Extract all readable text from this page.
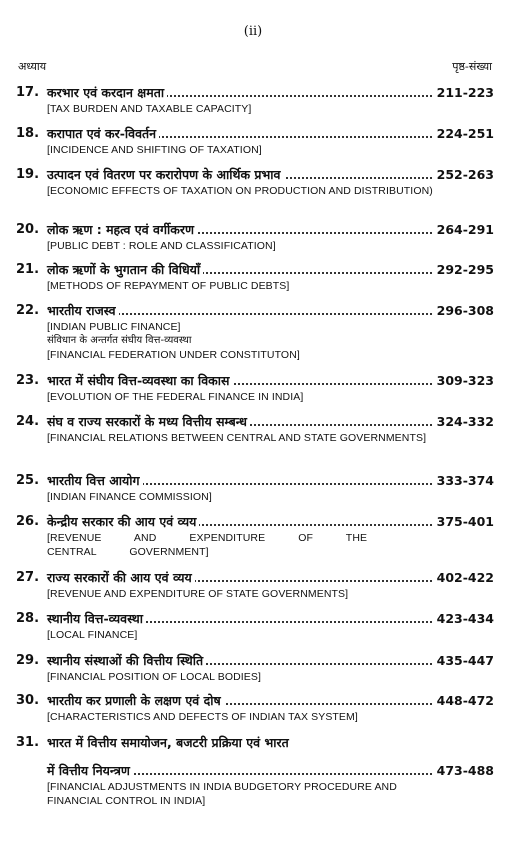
(ii)
अध्याय	पृष्ठ-संख्या
17. करभार एवं करदान क्षमता	211-223
[TAX BURDEN AND TAXABLE CAPACITY]
18. करापात एवं कर-विवर्तन	224-251
[INCIDENCE AND SHIFTING OF TAXATION]
19. उत्पादन एवं वितरण पर करारोपण के आर्थिक प्रभाव	252-263
[ECONOMIC EFFECTS OF TAXATION ON PRODUCTION AND DISTRIBUTION)
20. लोक ऋण : महत्व एवं वर्गीकरण	264-291
[PUBLIC DEBT : ROLE AND CLASSIFICATION]
21. लोक ऋणों के भुगतान की विधियाँ	292-295
[METHODS OF REPAYMENT OF PUBLIC DEBTS]
22. भारतीय राजस्व	296-308
[INDIAN PUBLIC FINANCE]
संविधान के अन्तर्गत संघीय वित्त-व्यवस्था
[FINANCIAL FEDERATION UNDER CONSTITUTON]
23. भारत में संघीय वित्त-व्यवस्था का विकास	309-323
[EVOLUTION OF THE FEDERAL FINANCE IN INDIA]
24. संघ व राज्य सरकारों के मध्य वित्तीय सम्बन्ध	324-332
[FINANCIAL RELATIONS BETWEEN CENTRAL AND STATE GOVERNMENTS]
25. भारतीय वित्त आयोग	333-374
[INDIAN FINANCE COMMISSION]
26. केन्द्रीय सरकार की आय एवं व्यय	375-401
[REVENUE AND EXPENDITURE OF THE CENTRAL GOVERNMENT]
27. राज्य सरकारों की आय एवं व्यय	402-422
[REVENUE AND EXPENDITURE OF STATE GOVERNMENTS]
28. स्थानीय वित्त-व्यवस्था	423-434
[LOCAL FINANCE]
29. स्थानीय संस्थाओं की वित्तीय स्थिति	435-447
[FINANCIAL POSITION OF LOCAL BODIES]
30. भारतीय कर प्रणाली के लक्षण एवं दोष	448-472
[CHARACTERISTICS AND DEFECTS OF INDIAN TAX SYSTEM]
31. भारत में वित्तीय समायोजन, बजटरी प्रक्रिया एवं भारत
में वित्तीय नियन्त्रण	473-488
[FINANCIAL ADJUSTMENTS IN INDIA BUDGETORY PROCEDURE AND FINANCIAL CONTROL IN INDIA]
